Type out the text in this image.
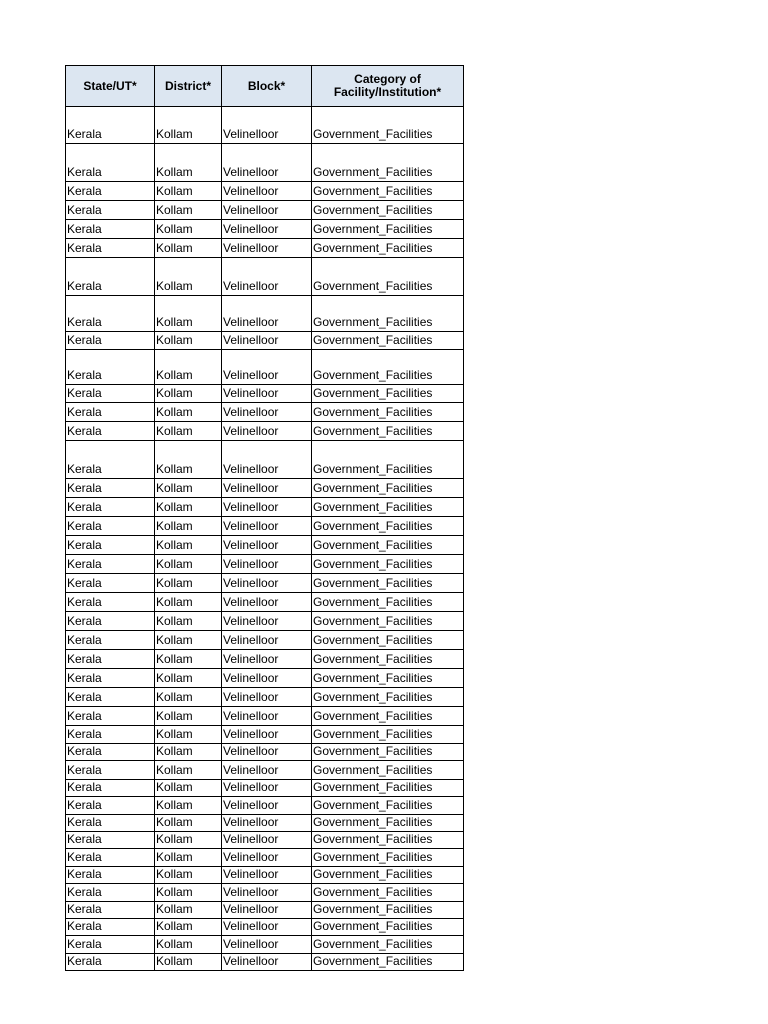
State/UT*	District*	Block*	Category of Facility/Institution*
Kerala	Kollam	Velinelloor	Government_Facilities
Kerala	Kollam	Velinelloor	Government_Facilities
Kerala	Kollam	Velinelloor	Government_Facilities
Kerala	Kollam	Velinelloor	Government_Facilities
Kerala	Kollam	Velinelloor	Government_Facilities
Kerala	Kollam	Velinelloor	Government_Facilities
Kerala	Kollam	Velinelloor	Government_Facilities
Kerala	Kollam	Velinelloor	Government_Facilities
Kerala	Kollam	Velinelloor	Government_Facilities
Kerala	Kollam	Velinelloor	Government_Facilities
Kerala	Kollam	Velinelloor	Government_Facilities
Kerala	Kollam	Velinelloor	Government_Facilities
Kerala	Kollam	Velinelloor	Government_Facilities
Kerala	Kollam	Velinelloor	Government_Facilities
Kerala	Kollam	Velinelloor	Government_Facilities
Kerala	Kollam	Velinelloor	Government_Facilities
Kerala	Kollam	Velinelloor	Government_Facilities
Kerala	Kollam	Velinelloor	Government_Facilities
Kerala	Kollam	Velinelloor	Government_Facilities
Kerala	Kollam	Velinelloor	Government_Facilities
Kerala	Kollam	Velinelloor	Government_Facilities
Kerala	Kollam	Velinelloor	Government_Facilities
Kerala	Kollam	Velinelloor	Government_Facilities
Kerala	Kollam	Velinelloor	Government_Facilities
Kerala	Kollam	Velinelloor	Government_Facilities
Kerala	Kollam	Velinelloor	Government_Facilities
Kerala	Kollam	Velinelloor	Government_Facilities
Kerala	Kollam	Velinelloor	Government_Facilities
Kerala	Kollam	Velinelloor	Government_Facilities
Kerala	Kollam	Velinelloor	Government_Facilities
Kerala	Kollam	Velinelloor	Government_Facilities
Kerala	Kollam	Velinelloor	Government_Facilities
Kerala	Kollam	Velinelloor	Government_Facilities
Kerala	Kollam	Velinelloor	Government_Facilities
Kerala	Kollam	Velinelloor	Government_Facilities
Kerala	Kollam	Velinelloor	Government_Facilities
Kerala	Kollam	Velinelloor	Government_Facilities
Kerala	Kollam	Velinelloor	Government_Facilities
Kerala	Kollam	Velinelloor	Government_Facilities
Kerala	Kollam	Velinelloor	Government_Facilities
Kerala	Kollam	Velinelloor	Government_Facilities
